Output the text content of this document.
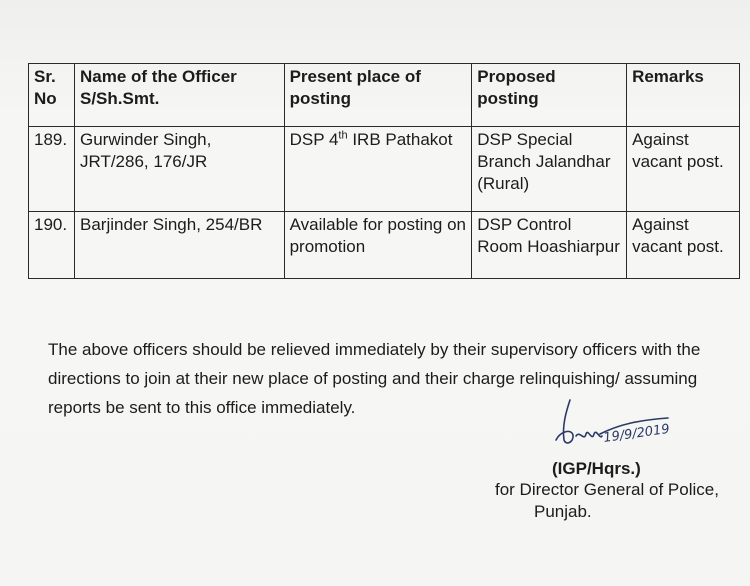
Sr. No	Name of the Officer S/Sh.Smt.	Present place of posting	Proposed posting	Remarks
189.	Gurwinder Singh, JRT/286, 176/JR	DSP 4th IRB Pathakot	DSP Special Branch Jalandhar (Rural)	Against vacant post.
190.	Barjinder Singh, 254/BR	Available for posting on promotion	DSP Control Room Hoashiarpur	Against vacant post.
The above officers should be relieved immediately by their supervisory officers with the directions to join at their new place of posting and their charge relinquishing/ assuming reports be sent to this office immediately.
19/9/2019
(IGP/Hqrs.)
for Director General of Police,
Punjab.
